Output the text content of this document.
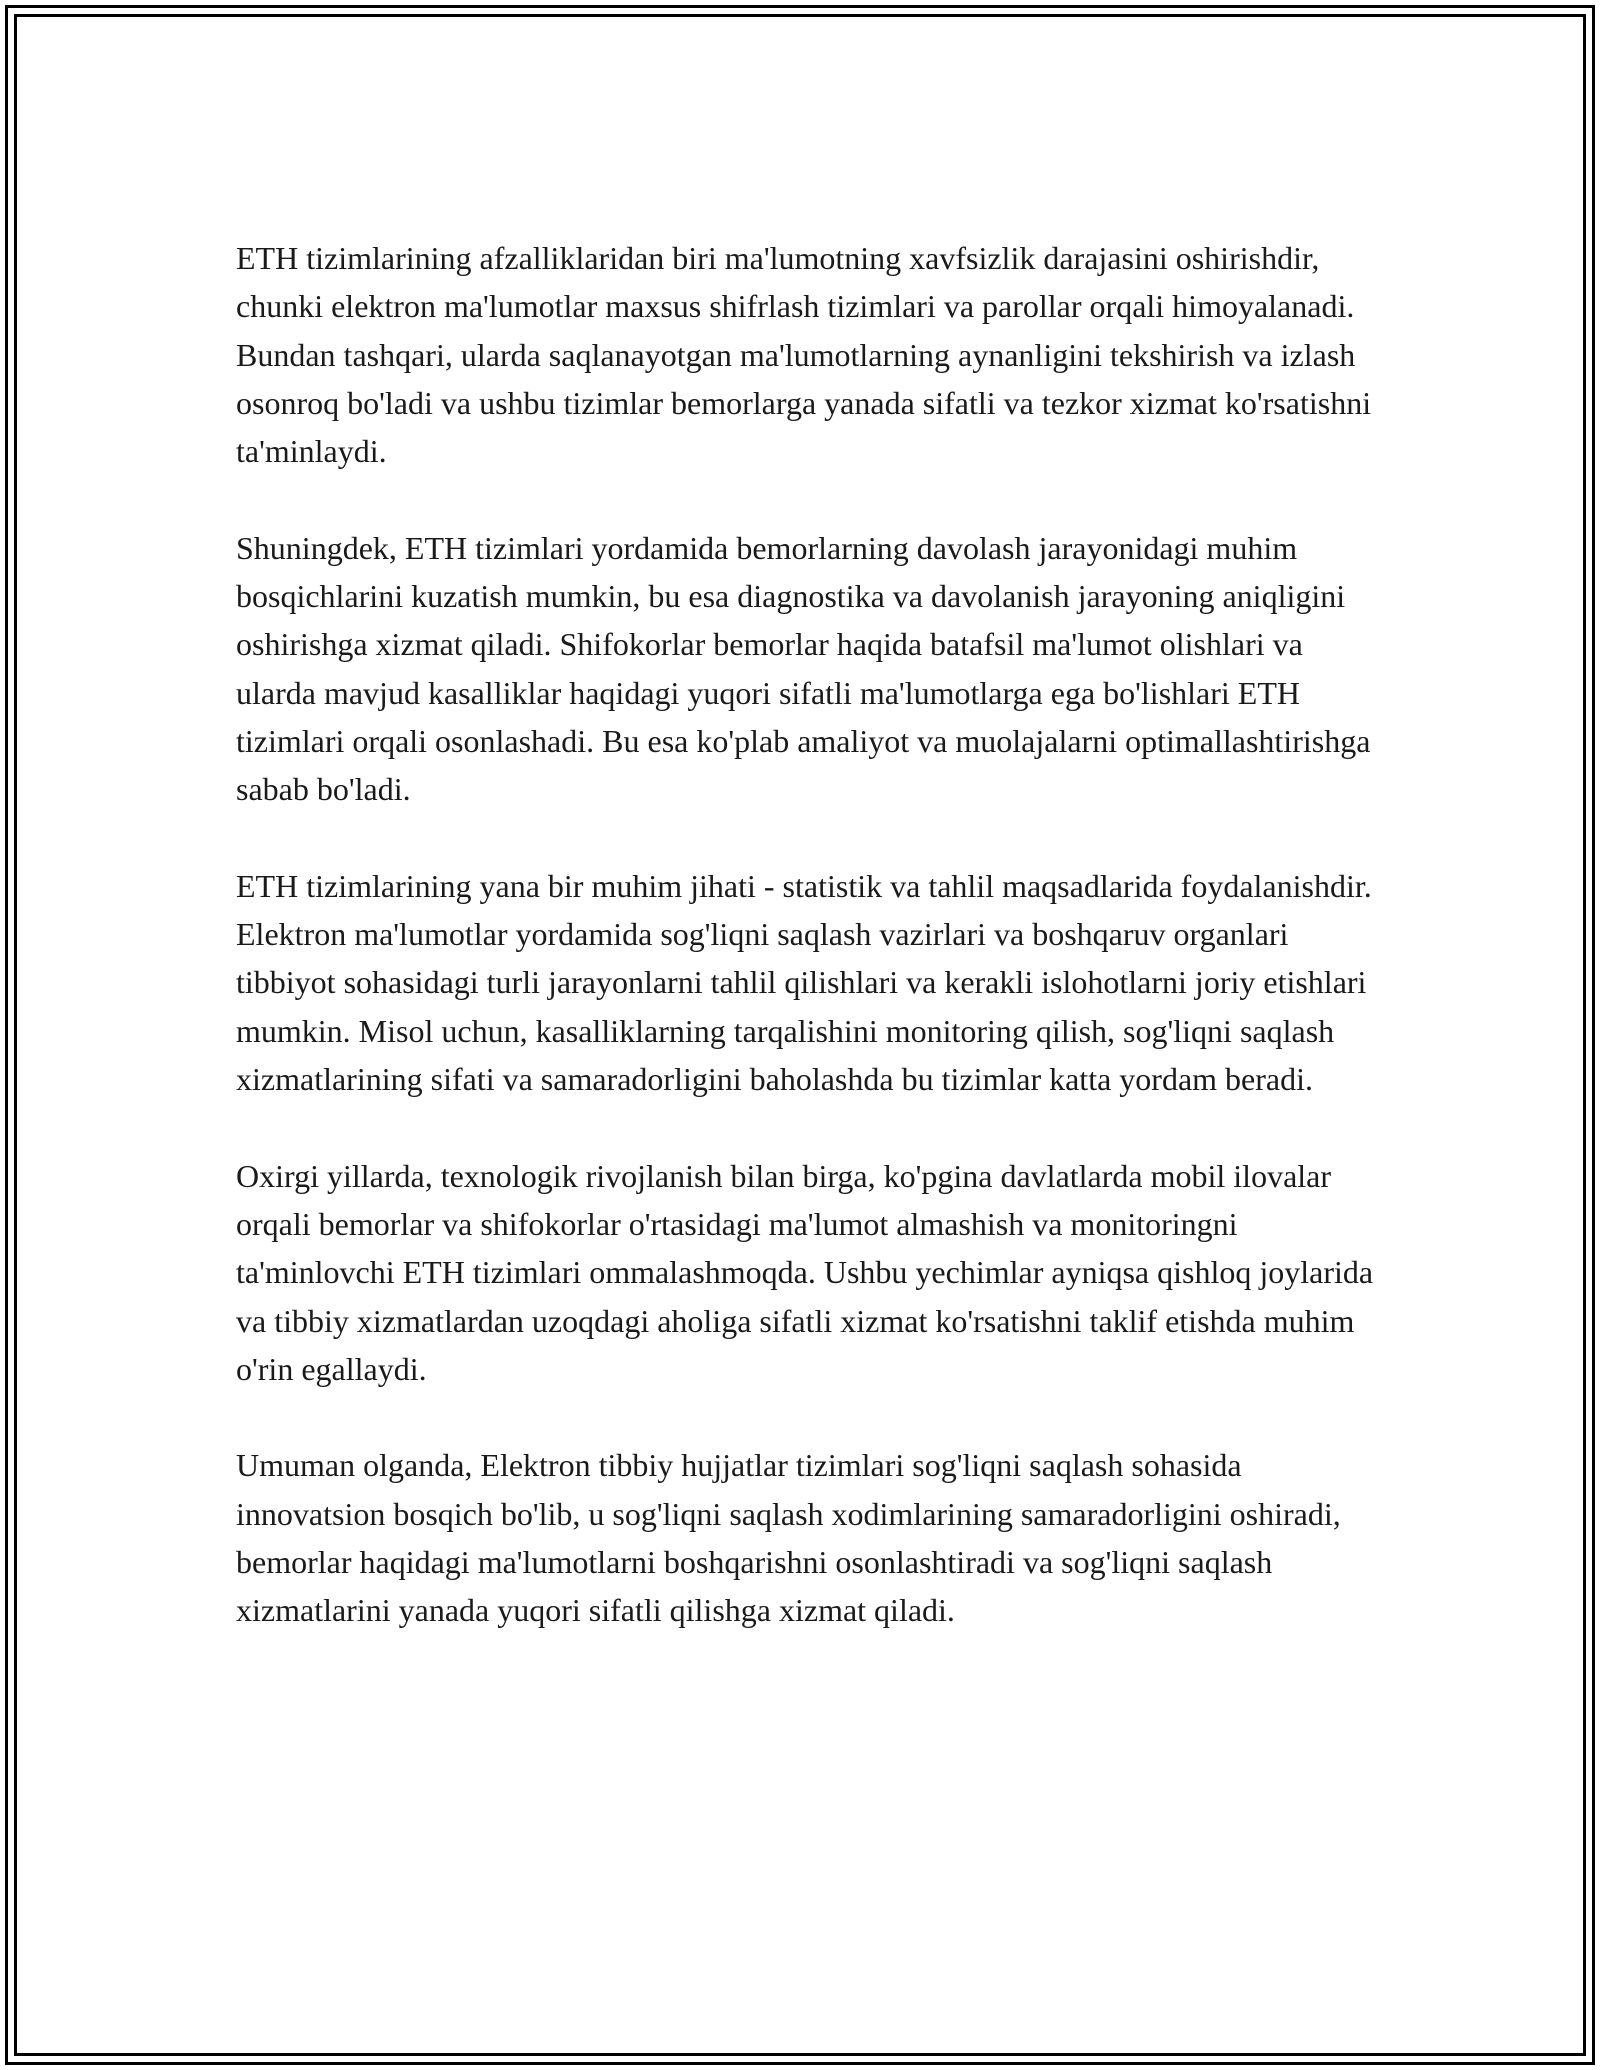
ETH tizimlarining afzalliklaridan biri ma'lumotning xavfsizlik darajasini oshirishdir, chunki elektron ma'lumotlar maxsus shifrlash tizimlari va parollar orqali himoyalanadi. Bundan tashqari, ularda saqlanayotgan ma'lumotlarning aynanligini tekshirish va izlash osonroq bo'ladi va ushbu tizimlar bemorlarga yanada sifatli va tezkor xizmat ko'rsatishni ta'minlaydi.

Shuningdek, ETH tizimlari yordamida bemorlarning davolash jarayonidagi muhim bosqichlarini kuzatish mumkin, bu esa diagnostika va davolanish jarayoning aniqligini oshirishga xizmat qiladi. Shifokorlar bemorlar haqida batafsil ma'lumot olishlari va ularda mavjud kasalliklar haqidagi yuqori sifatli ma'lumotlarga ega bo'lishlari ETH tizimlari orqali osonlashadi. Bu esa ko'plab amaliyot va muolajalarni optimallashtirishga sabab bo'ladi.

ETH tizimlarining yana bir muhim jihati - statistik va tahlil maqsadlarida foydalanishdir. Elektron ma'lumotlar yordamida sog'liqni saqlash vazirlari va boshqaruv organlari tibbiyot sohasidagi turli jarayonlarni tahlil qilishlari va kerakli islohotlarni joriy etishlari mumkin. Misol uchun, kasalliklarning tarqalishini monitoring qilish, sog'liqni saqlash xizmatlarining sifati va samaradorligini baholashda bu tizimlar katta yordam beradi.

Oxirgi yillarda, texnologik rivojlanish bilan birga, ko'pgina davlatlarda mobil ilovalar orqali bemorlar va shifokorlar o'rtasidagi ma'lumot almashish va monitoringni ta'minlovchi ETH tizimlari ommalashmoqda. Ushbu yechimlar ayniqsa qishloq joylarida va tibbiy xizmatlardan uzoqdagi aholiga sifatli xizmat ko'rsatishni taklif etishda muhim o'rin egallaydi.

Umuman olganda, Elektron tibbiy hujjatlar tizimlari sog'liqni saqlash sohasida innovatsion bosqich bo'lib, u sog'liqni saqlash xodimlarining samaradorligini oshiradi, bemorlar haqidagi ma'lumotlarni boshqarishni osonlashtiradi va sog'liqni saqlash xizmatlarini yanada yuqori sifatli qilishga xizmat qiladi.
